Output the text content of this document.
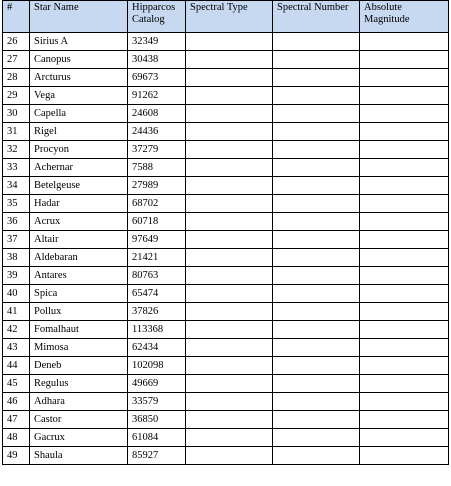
#	Star Name	Hipparcos Catalog	Spectral Type	Spectral Number	Absolute Magnitude
26	Sirius A	32349			
27	Canopus	30438			
28	Arcturus	69673			
29	Vega	91262			
30	Capella	24608			
31	Rigel	24436			
32	Procyon	37279			
33	Achernar	7588			
34	Betelgeuse	27989			
35	Hadar	68702			
36	Acrux	60718			
37	Altair	97649			
38	Aldebaran	21421			
39	Antares	80763			
40	Spica	65474			
41	Pollux	37826			
42	Fomalhaut	113368			
43	Mimosa	62434			
44	Deneb	102098			
45	Regulus	49669			
46	Adhara	33579			
47	Castor	36850			
48	Gacrux	61084			
49	Shaula	85927			
